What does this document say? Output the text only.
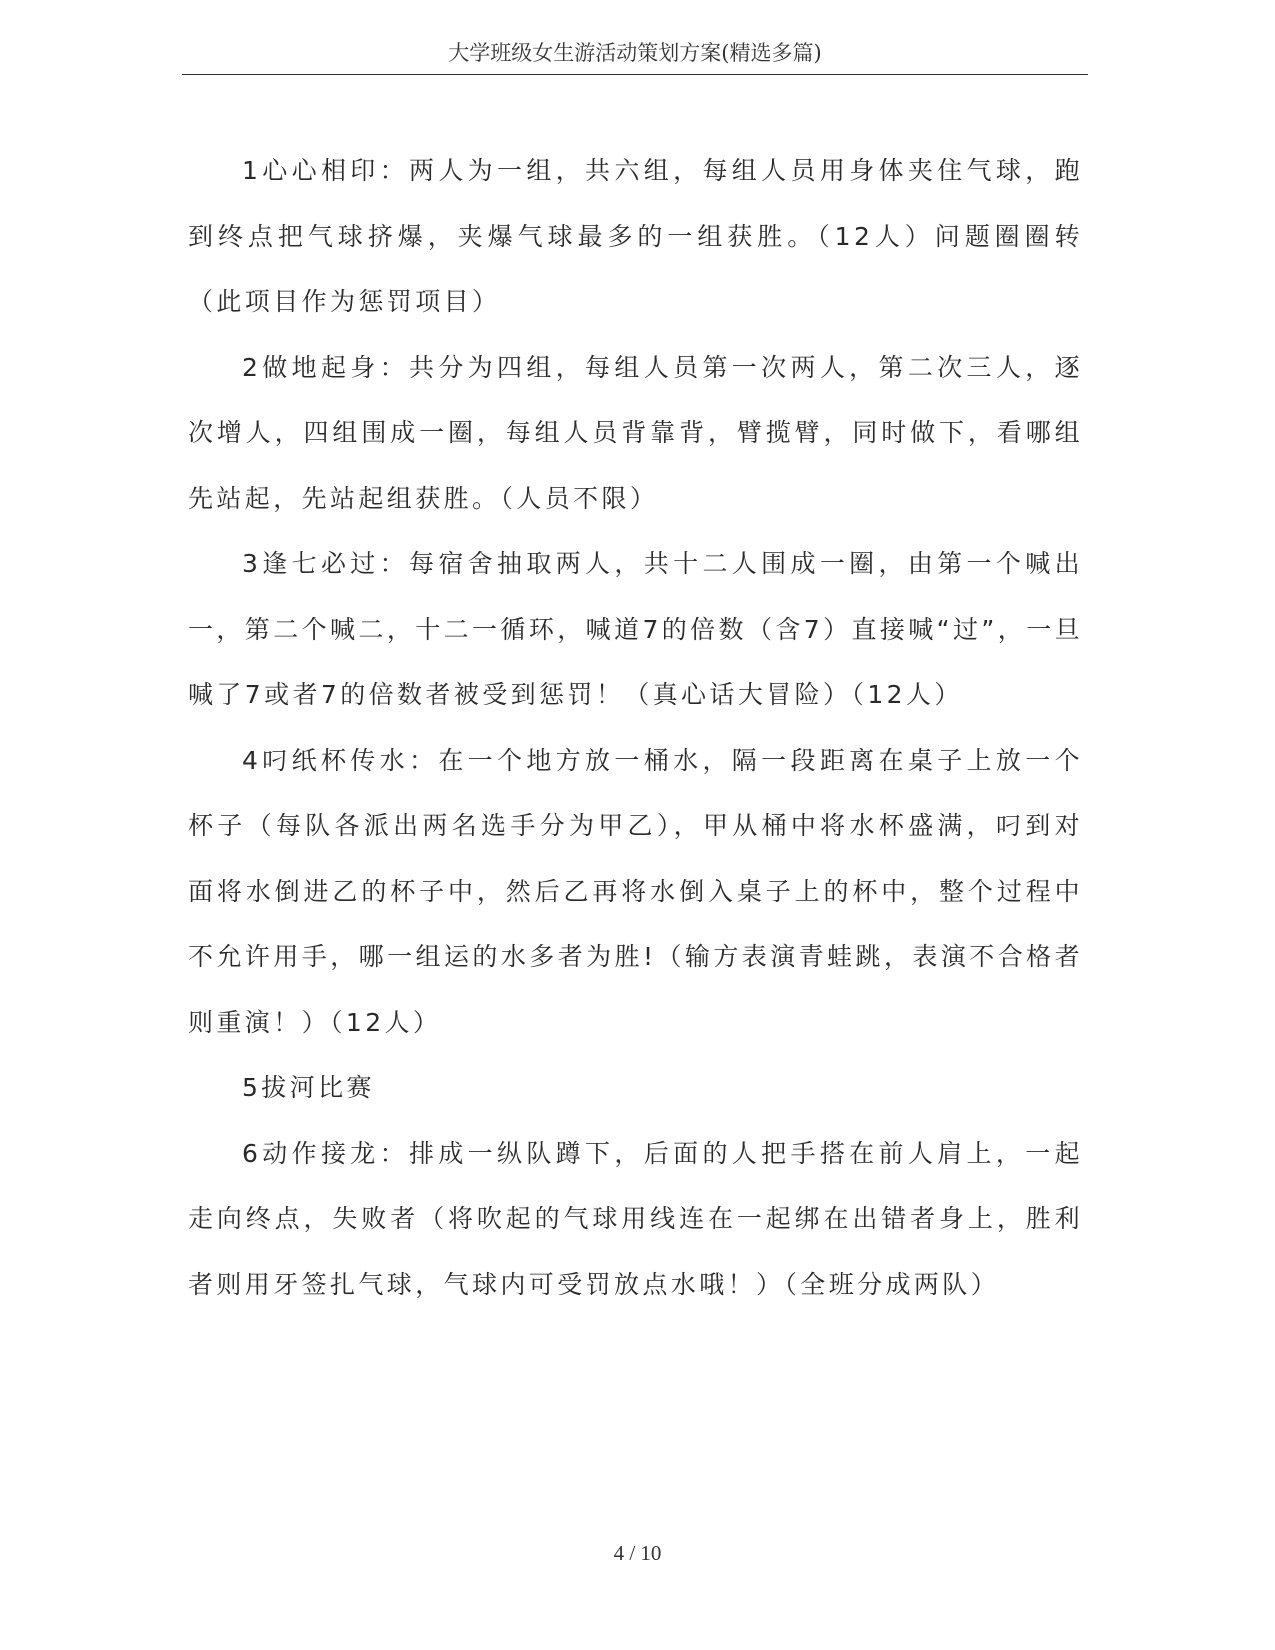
大学班级女生游活动策划方案(精选多篇)

1心心相印：两人为一组，共六组，每组人员用身体夹住气球，跑到终点把气球挤爆，夹爆气球最多的一组获胜。（12人）问题圈圈转（此项目作为惩罚项目）

2做地起身：共分为四组，每组人员第一次两人，第二次三人，逐次增人，四组围成一圈，每组人员背靠背，臂揽臂，同时做下，看哪组先站起，先站起组获胜。（人员不限）

3逢七必过：每宿舍抽取两人，共十二人围成一圈，由第一个喊出一，第二个喊二，十二一循环，喊道7的倍数（含7）直接喊“过”，一旦喊了7或者7的倍数者被受到惩罚！（真心话大冒险）（12人）

4叼纸杯传水：在一个地方放一桶水，隔一段距离在桌子上放一个杯子（每队各派出两名选手分为甲乙），甲从桶中将水杯盛满，叼到对面将水倒进乙的杯子中，然后乙再将水倒入桌子上的杯中，整个过程中不允许用手，哪一组运的水多者为胜!（输方表演青蛙跳，表演不合格者则重演！）（12人）

5拔河比赛

6动作接龙：排成一纵队蹲下，后面的人把手搭在前人肩上，一起走向终点，失败者（将吹起的气球用线连在一起绑在出错者身上，胜利者则用牙签扎气球，气球内可受罚放点水哦！）（全班分成两队）

4 / 10
